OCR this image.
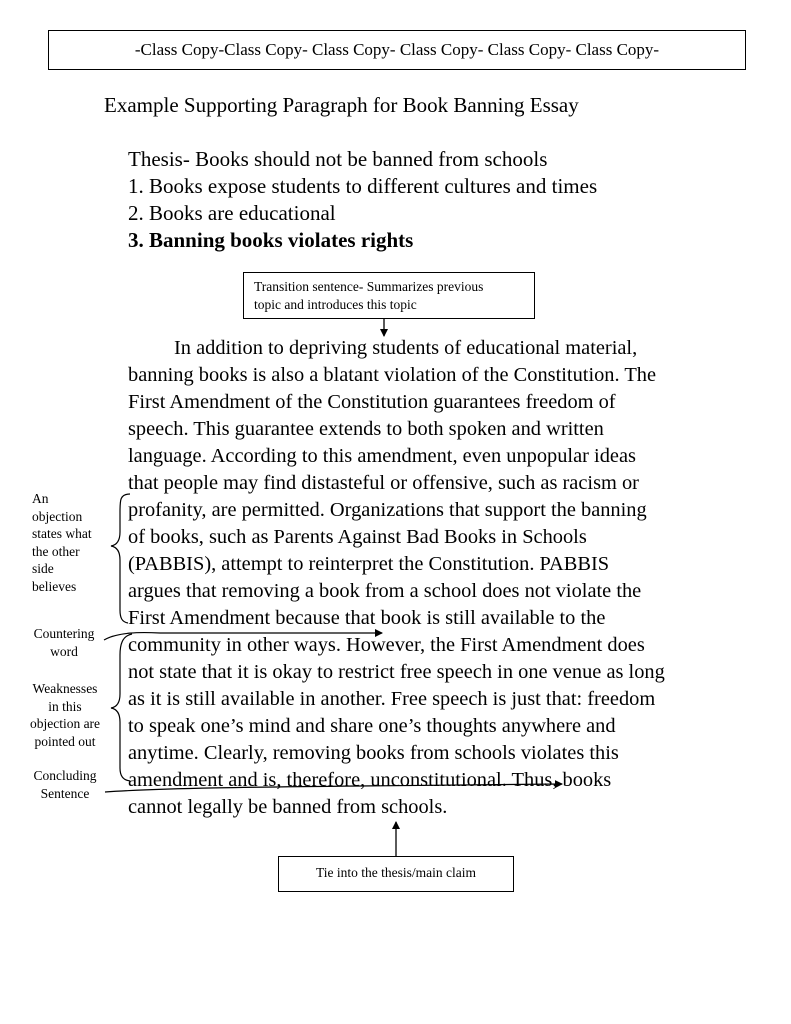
-Class Copy-Class Copy- Class Copy- Class Copy- Class Copy- Class Copy-
Example Supporting Paragraph for Book Banning Essay
Thesis- Books should not be banned from schools
1. Books expose students to different cultures and times
2. Books are educational
3. Banning books violates rights
Transition sentence- Summarizes previous
topic and introduces this topic
In addition to depriving students of educational material,
banning books is also a blatant violation of the Constitution. The
First Amendment of the Constitution guarantees freedom of
speech. This guarantee extends to both spoken and written
language. According to this amendment, even unpopular ideas
that people may find distasteful or offensive, such as racism or
profanity, are permitted. Organizations that support the banning
of books, such as Parents Against Bad Books in Schools
(PABBIS), attempt to reinterpret the Constitution. PABBIS
argues that removing a book from a school does not violate the
First Amendment because that book is still available to the
community in other ways. However, the First Amendment does
not state that it is okay to restrict free speech in one venue as long
as it is still available in another. Free speech is just that: freedom
to speak one’s mind and share one’s thoughts anywhere and
anytime. Clearly, removing books from schools violates this
amendment and is, therefore, unconstitutional. Thus, books
cannot legally be banned from schools.
An
objection
states what
the other
side
believes
Countering
word
Weaknesses
in this
objection are
pointed out
Concluding
Sentence
Tie into the thesis/main claim
